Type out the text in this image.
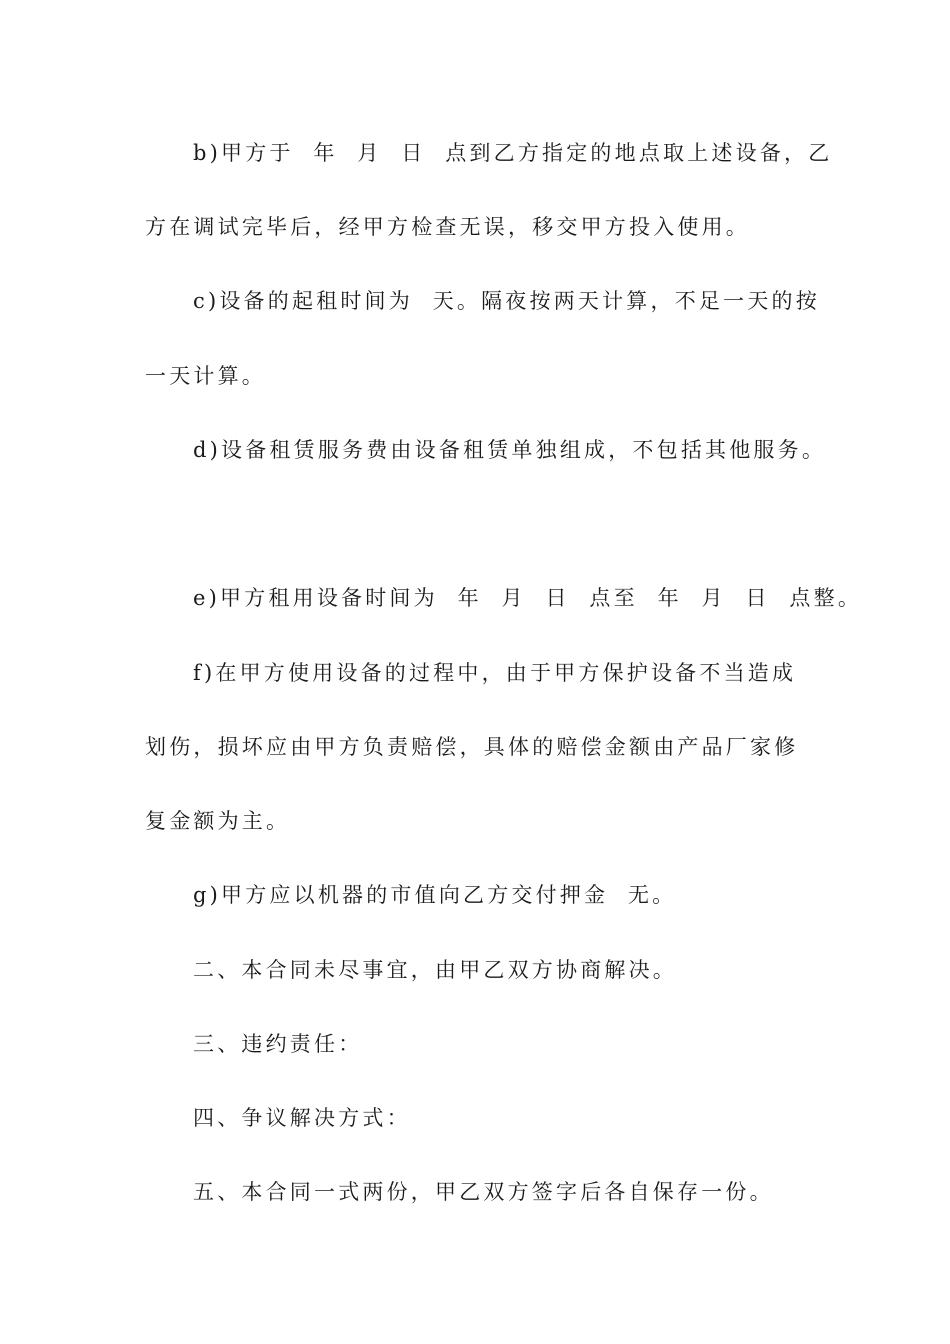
b)甲方于  年  月  日  点到乙方指定的地点取上述设备，乙
方在调试完毕后，经甲方检查无误，移交甲方投入使用。
c)设备的起租时间为  天。隔夜按两天计算，不足一天的按
一天计算。
d)设备租赁服务费由设备租赁单独组成，不包括其他服务。
e)甲方租用设备时间为  年  月  日  点至  年  月  日  点整。
f)在甲方使用设备的过程中，由于甲方保护设备不当造成
划伤，损坏应由甲方负责赔偿，具体的赔偿金额由产品厂家修
复金额为主。
g)甲方应以机器的市值向乙方交付押金  无。
二、本合同未尽事宜，由甲乙双方协商解决。
三、违约责任：
四、争议解决方式：
五、本合同一式两份，甲乙双方签字后各自保存一份。
